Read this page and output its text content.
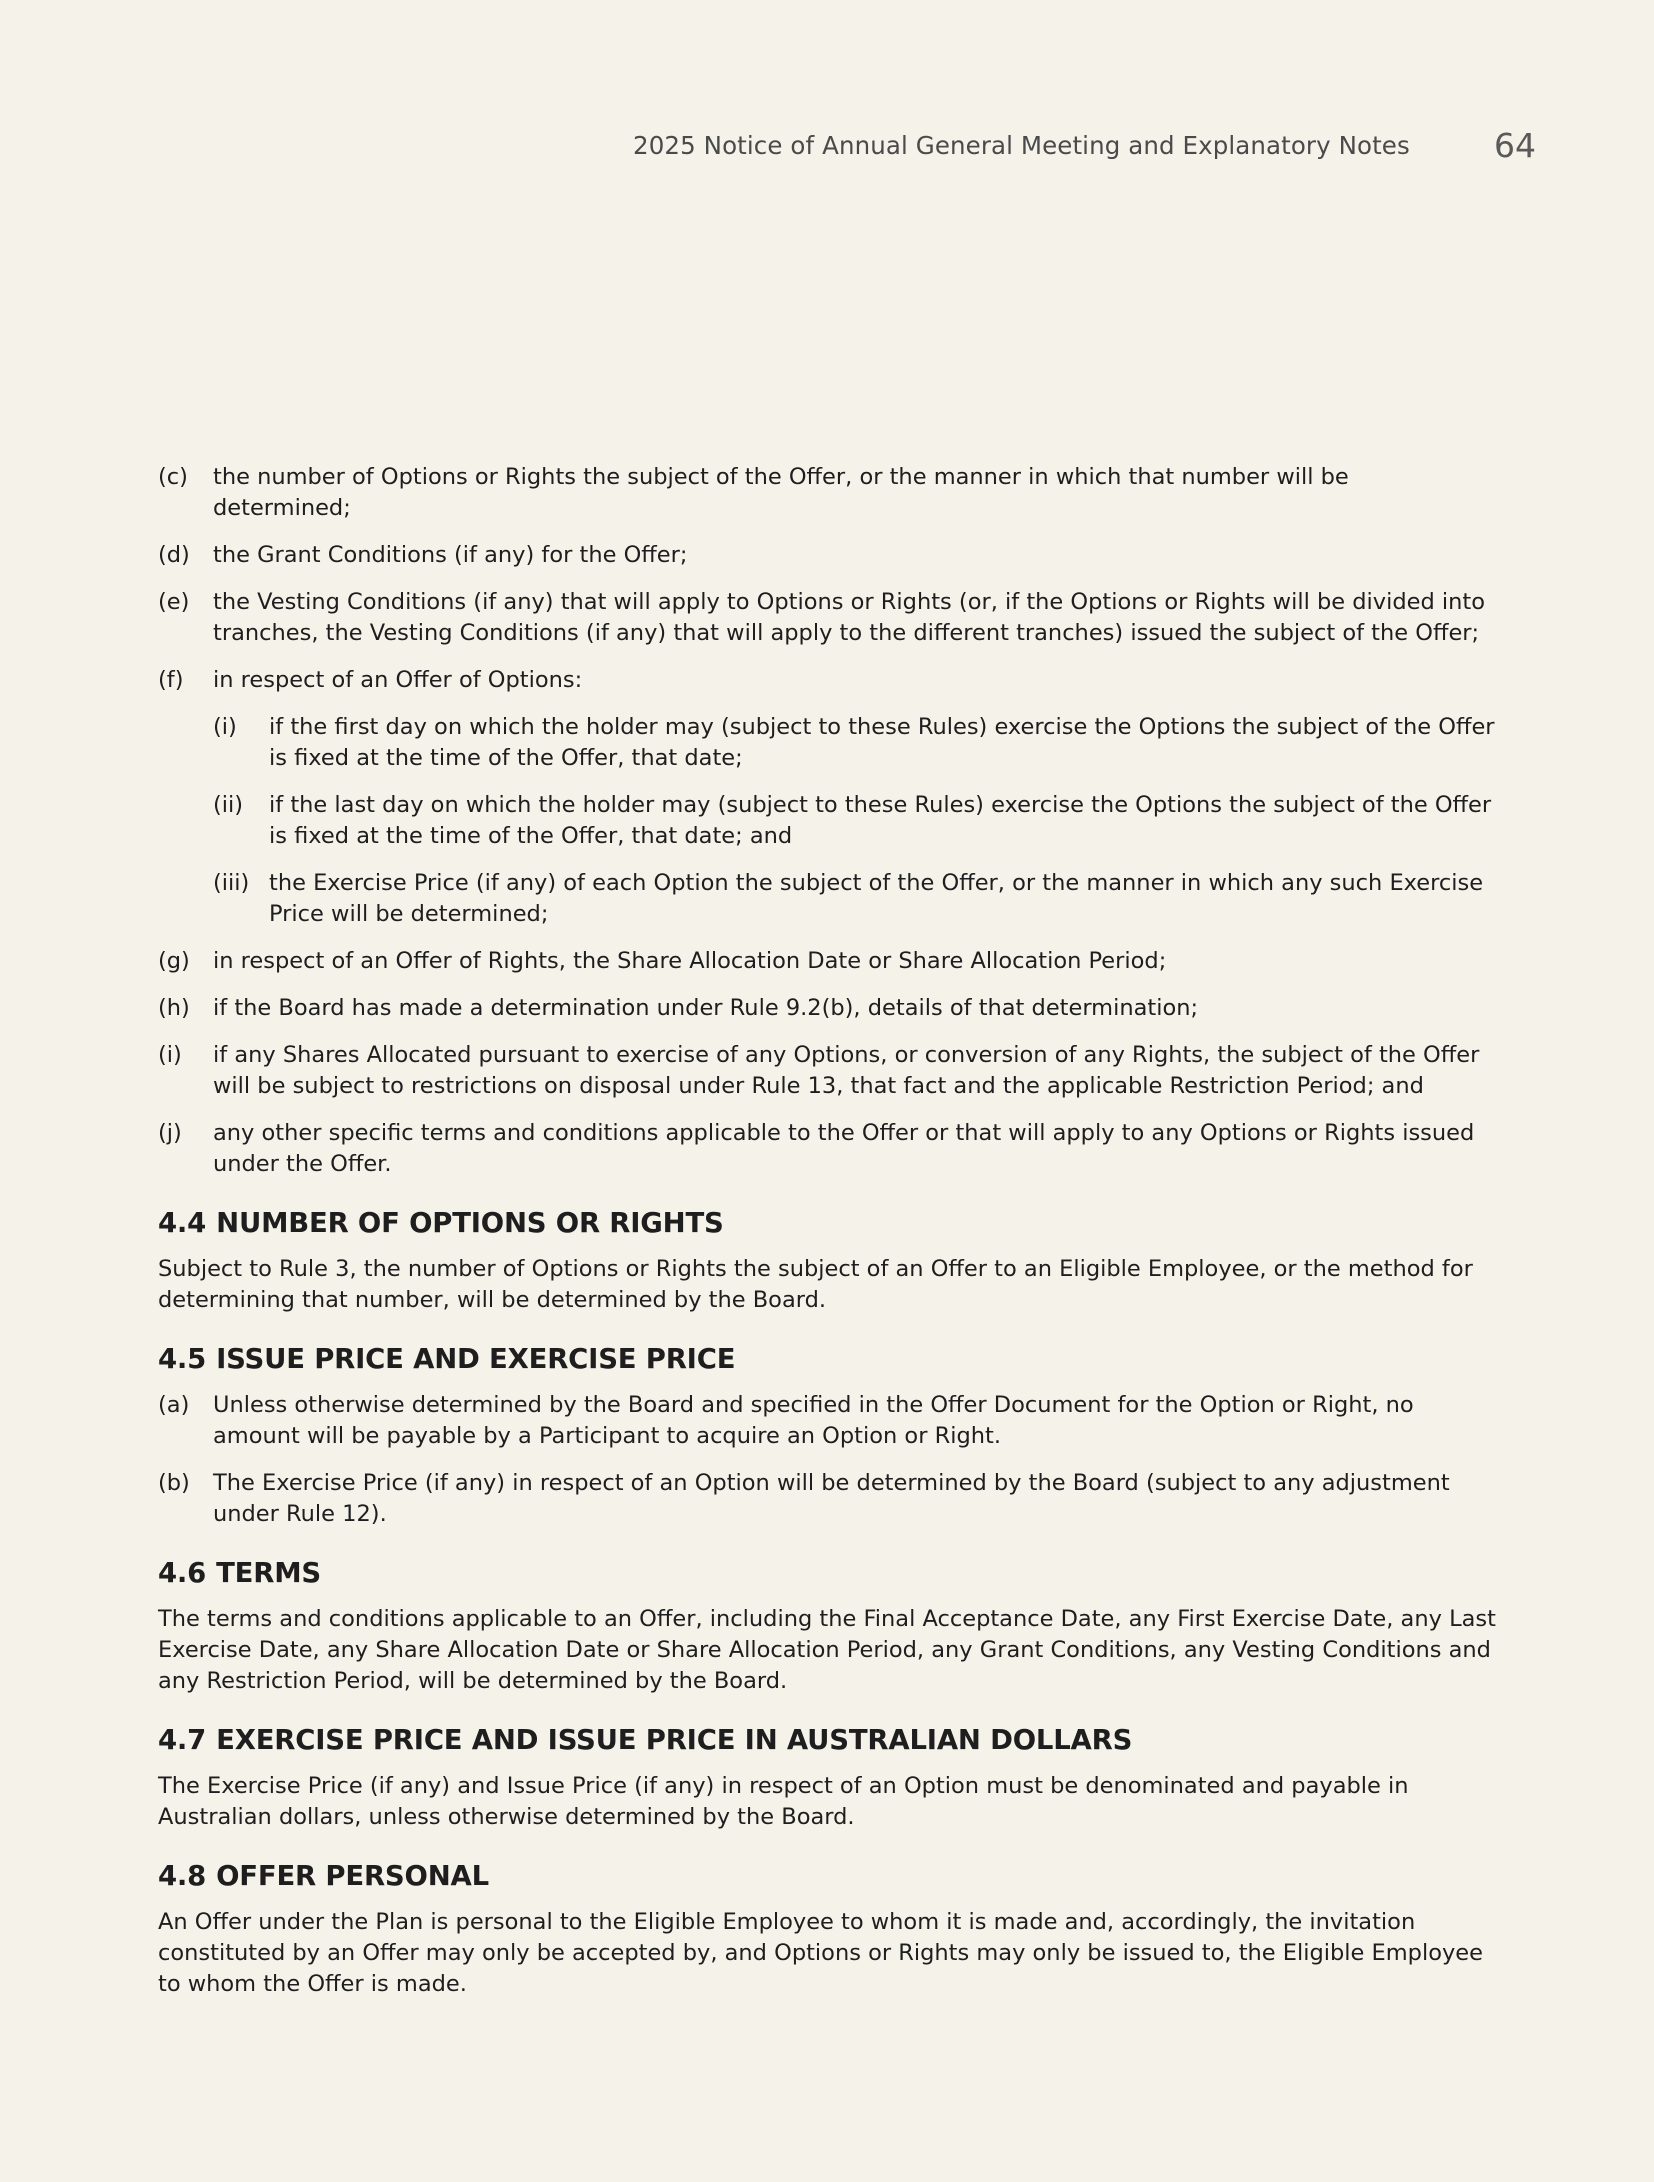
2025 Notice of Annual General Meeting and Explanatory Notes	64
(c) the number of Options or Rights the subject of the Offer, or the manner in which that number will be determined;
(d) the Grant Conditions (if any) for the Offer;
(e) the Vesting Conditions (if any) that will apply to Options or Rights (or, if the Options or Rights will be divided into tranches, the Vesting Conditions (if any) that will apply to the different tranches) issued the subject of the Offer;
(f) in respect of an Offer of Options:
(i) if the first day on which the holder may (subject to these Rules) exercise the Options the subject of the Offer is fixed at the time of the Offer, that date;
(ii) if the last day on which the holder may (subject to these Rules) exercise the Options the subject of the Offer is fixed at the time of the Offer, that date; and
(iii) the Exercise Price (if any) of each Option the subject of the Offer, or the manner in which any such Exercise Price will be determined;
(g) in respect of an Offer of Rights, the Share Allocation Date or Share Allocation Period;
(h) if the Board has made a determination under Rule 9.2(b), details of that determination;
(i) if any Shares Allocated pursuant to exercise of any Options, or conversion of any Rights, the subject of the Offer will be subject to restrictions on disposal under Rule 13, that fact and the applicable Restriction Period; and
(j) any other specific terms and conditions applicable to the Offer or that will apply to any Options or Rights issued under the Offer.
4.4 NUMBER OF OPTIONS OR RIGHTS
Subject to Rule 3, the number of Options or Rights the subject of an Offer to an Eligible Employee, or the method for determining that number, will be determined by the Board.
4.5 ISSUE PRICE AND EXERCISE PRICE
(a) Unless otherwise determined by the Board and specified in the Offer Document for the Option or Right, no amount will be payable by a Participant to acquire an Option or Right.
(b) The Exercise Price (if any) in respect of an Option will be determined by the Board (subject to any adjustment under Rule 12).
4.6 TERMS
The terms and conditions applicable to an Offer, including the Final Acceptance Date, any First Exercise Date, any Last Exercise Date, any Share Allocation Date or Share Allocation Period, any Grant Conditions, any Vesting Conditions and any Restriction Period, will be determined by the Board.
4.7 EXERCISE PRICE AND ISSUE PRICE IN AUSTRALIAN DOLLARS
The Exercise Price (if any) and Issue Price (if any) in respect of an Option must be denominated and payable in Australian dollars, unless otherwise determined by the Board.
4.8 OFFER PERSONAL
An Offer under the Plan is personal to the Eligible Employee to whom it is made and, accordingly, the invitation constituted by an Offer may only be accepted by, and Options or Rights may only be issued to, the Eligible Employee to whom the Offer is made.
